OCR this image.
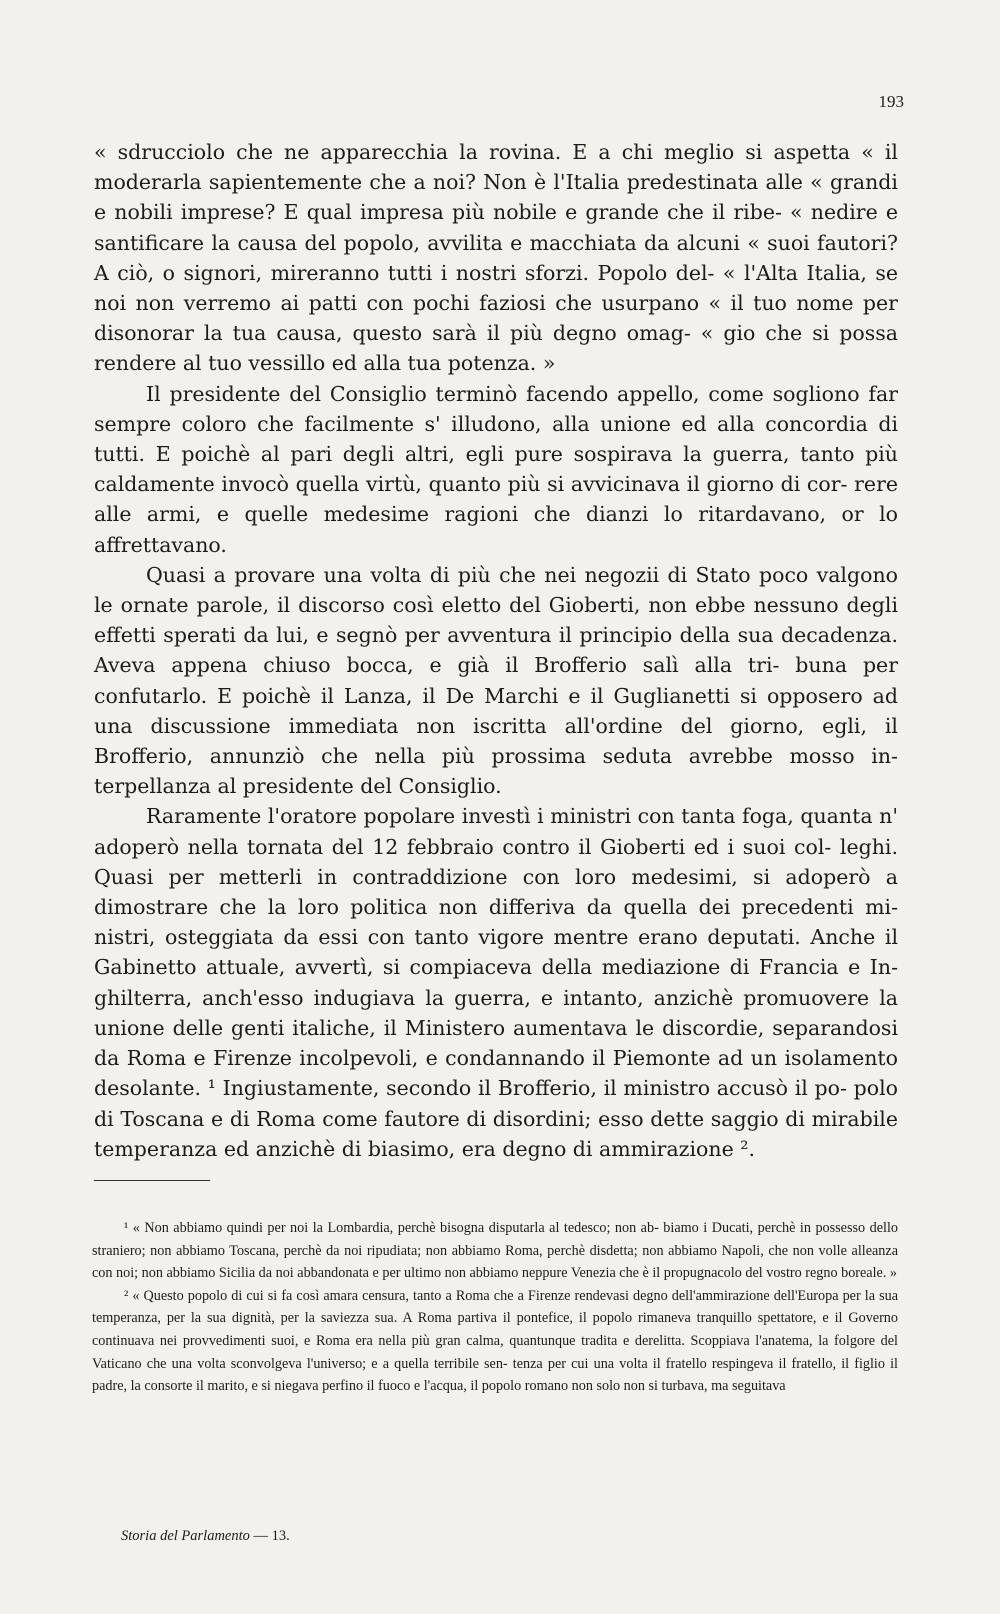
193

« sdrucciolo che ne apparecchia la rovina. E a chi meglio si aspetta « il moderarla sapientemente che a noi? Non è l'Italia predestinata alle « grandi e nobili imprese? E qual impresa più nobile e grande che il ribe- « nedire e santificare la causa del popolo, avvilita e macchiata da alcuni « suoi fautori? A ciò, o signori, mireranno tutti i nostri sforzi. Popolo del- « l'Alta Italia, se noi non verremo ai patti con pochi faziosi che usurpano « il tuo nome per disonorar la tua causa, questo sarà il più degno omag- « gio che si possa rendere al tuo vessillo ed alla tua potenza. »

Il presidente del Consiglio terminò facendo appello, come sogliono far sempre coloro che facilmente s' illudono, alla unione ed alla concordia di tutti. E poichè al pari degli altri, egli pure sospirava la guerra, tanto più caldamente invocò quella virtù, quanto più si avvicinava il giorno di cor- rere alle armi, e quelle medesime ragioni che dianzi lo ritardavano, or lo affrettavano.

Quasi a provare una volta di più che nei negozii di Stato poco valgono le ornate parole, il discorso così eletto del Gioberti, non ebbe nessuno degli effetti sperati da lui, e segnò per avventura il principio della sua decadenza. Aveva appena chiuso bocca, e già il Brofferio salì alla tri- buna per confutarlo. E poichè il Lanza, il De Marchi e il Guglianetti si opposero ad una discussione immediata non iscritta all'ordine del giorno, egli, il Brofferio, annunziò che nella più prossima seduta avrebbe mosso in- terpellanza al presidente del Consiglio.

Raramente l'oratore popolare investì i ministri con tanta foga, quanta n' adoperò nella tornata del 12 febbraio contro il Gioberti ed i suoi col- leghi. Quasi per metterli in contraddizione con loro medesimi, si adoperò a dimostrare che la loro politica non differiva da quella dei precedenti mi- nistri, osteggiata da essi con tanto vigore mentre erano deputati. Anche il Gabinetto attuale, avvertì, si compiaceva della mediazione di Francia e In- ghilterra, anch'esso indugiava la guerra, e intanto, anzichè promuovere la unione delle genti italiche, il Ministero aumentava le discordie, separandosi da Roma e Firenze incolpevoli, e condannando il Piemonte ad un isolamento desolante. ¹ Ingiustamente, secondo il Brofferio, il ministro accusò il po- polo di Toscana e di Roma come fautore di disordini; esso dette saggio di mirabile temperanza ed anzichè di biasimo, era degno di ammirazione ².

¹ « Non abbiamo quindi per noi la Lombardia, perchè bisogna disputarla al tedesco; non ab- biamo i Ducati, perchè in possesso dello straniero; non abbiamo Toscana, perchè da noi ripudiata; non abbiamo Roma, perchè disdetta; non abbiamo Napoli, che non volle alleanza con noi; non abbiamo Sicilia da noi abbandonata e per ultimo non abbiamo neppure Venezia che è il propugnacolo del vostro regno boreale. »

² « Questo popolo di cui si fa così amara censura, tanto a Roma che a Firenze rendevasi degno dell'ammirazione dell'Europa per la sua temperanza, per la sua dignità, per la saviezza sua. A Roma partiva il pontefice, il popolo rimaneva tranquillo spettatore, e il Governo continuava nei provvedimenti suoi, e Roma era nella più gran calma, quantunque tradita e derelitta. Scoppiava l'anatema, la folgore del Vaticano che una volta sconvolgeva l'universo; e a quella terribile sen- tenza per cui una volta il fratello respingeva il fratello, il figlio il padre, la consorte il marito, e si niegava perfino il fuoco e l'acqua, il popolo romano non solo non si turbava, ma seguitava

Storia del Parlamento — 13.
